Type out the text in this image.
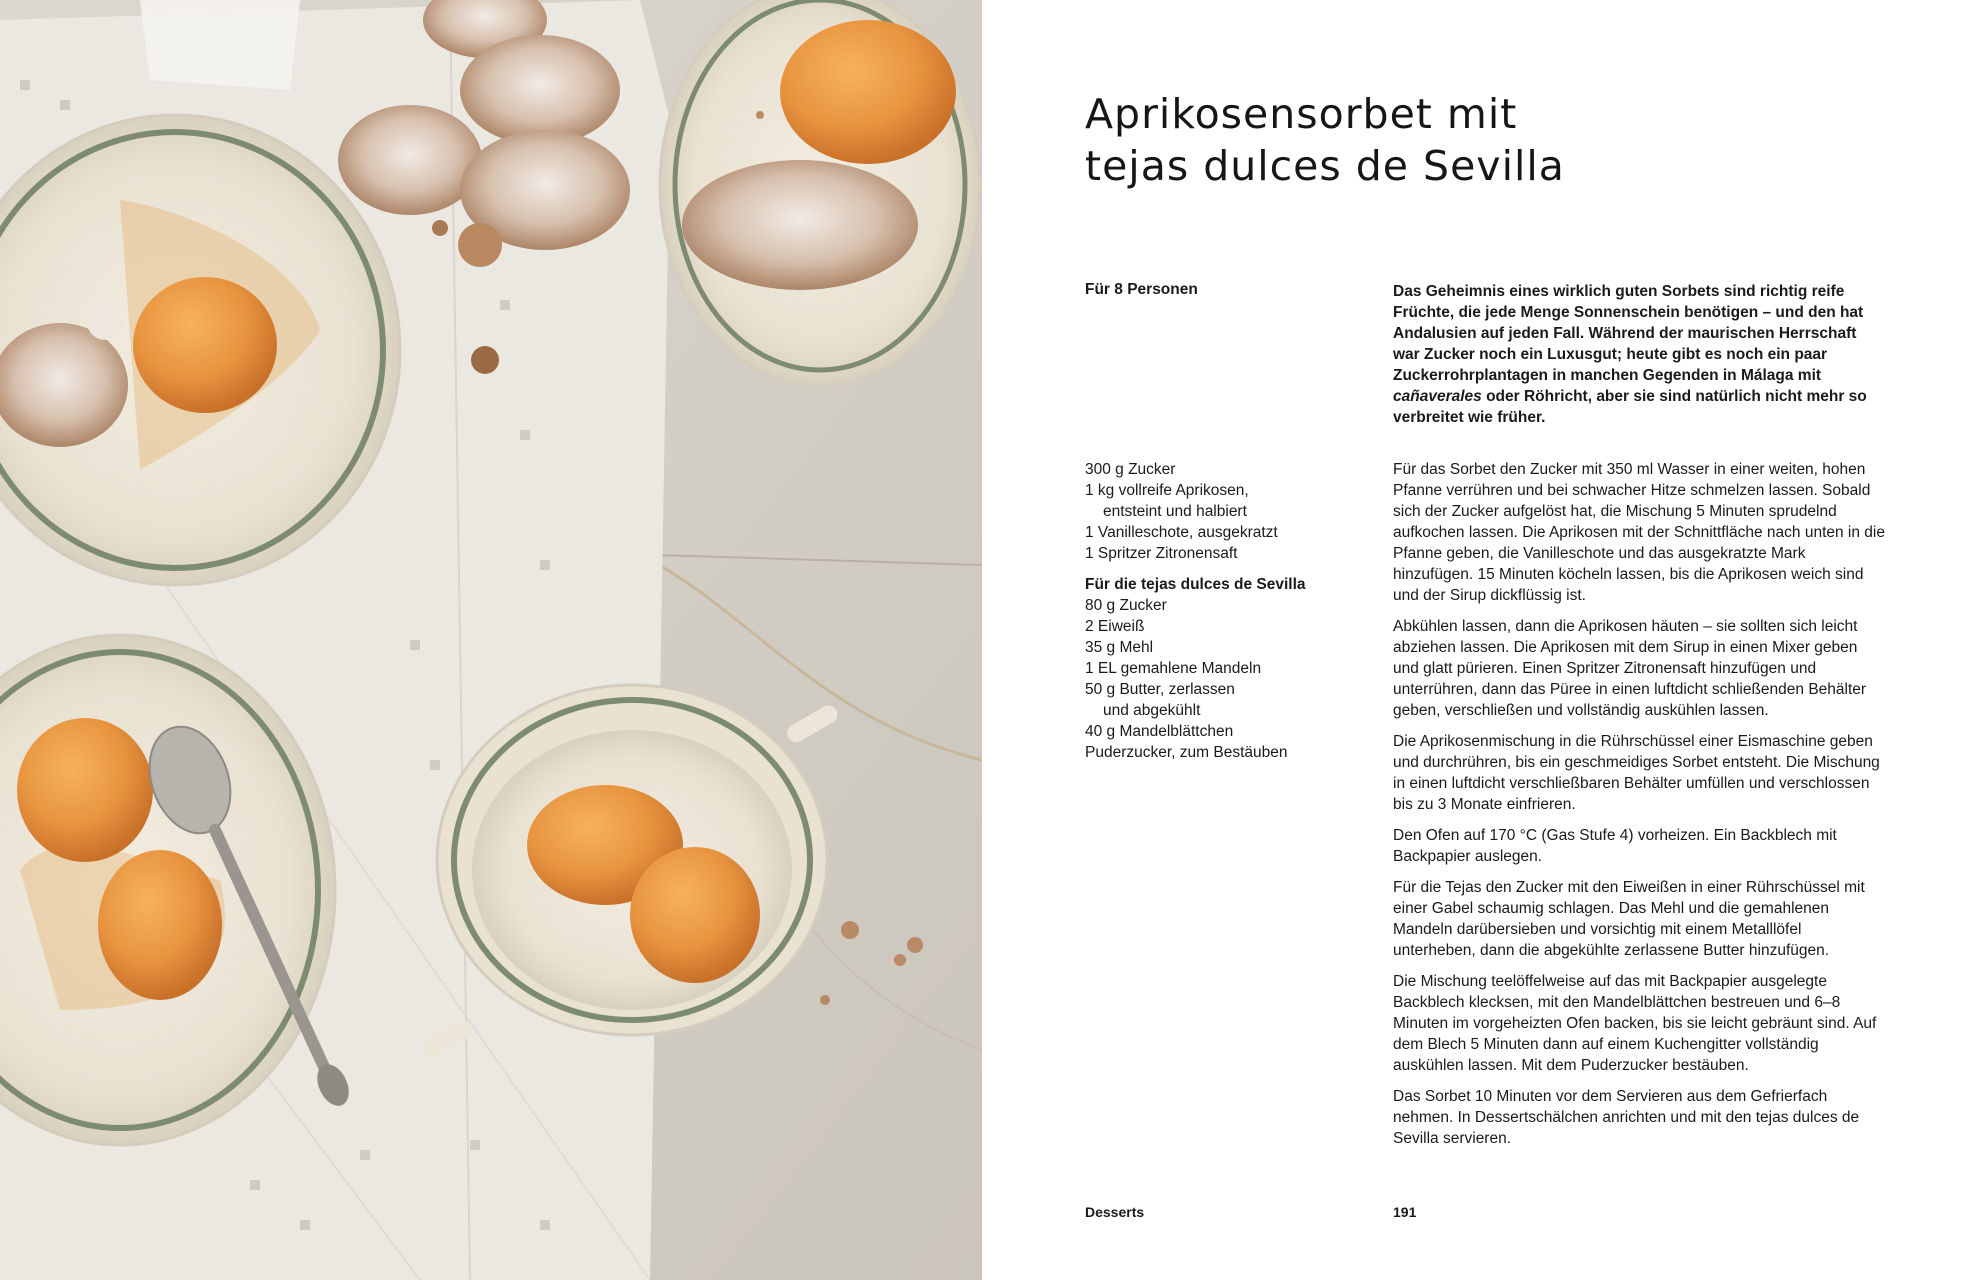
Aprikosensorbet mit
tejas dulces de Sevilla
Für 8 Personen	Das Geheimnis eines wirklich guten Sorbets sind richtig reife Früchte, die jede Menge Sonnenschein benötigen – und den hat Andalusien auf jeden Fall. Während der maurischen Herrschaft war Zucker noch ein Luxusgut; heute gibt es noch ein paar Zuckerrohrplantagen in manchen Gegenden in Málaga mit cañaverales oder Röhricht, aber sie sind natürlich nicht mehr so verbreitet wie früher.

300 g Zucker
1 kg vollreife Aprikosen,
entsteint und halbiert
1 Vanilleschote, ausgekratzt
1 Spritzer Zitronensaft
Für die tejas dulces de Sevilla
80 g Zucker
2 Eiweiß
35 g Mehl
1 EL gemahlene Mandeln
50 g Butter, zerlassen
und abgekühlt
40 g Mandelblättchen
Puderzucker, zum Bestäuben

Für das Sorbet den Zucker mit 350 ml Wasser in einer weiten, hohen Pfanne verrühren und bei schwacher Hitze schmelzen lassen. Sobald sich der Zucker aufgelöst hat, die Mischung 5 Minuten sprudelnd aufkochen lassen. Die Aprikosen mit der Schnittfläche nach unten in die Pfanne geben, die Vanilleschote und das ausgekratzte Mark hinzufügen. 15 Minuten köcheln lassen, bis die Aprikosen weich sind und der Sirup dickflüssig ist.

Abkühlen lassen, dann die Aprikosen häuten – sie sollten sich leicht abziehen lassen. Die Aprikosen mit dem Sirup in einen Mixer geben und glatt pürieren. Einen Spritzer Zitronensaft hinzufügen und unterrühren, dann das Püree in einen luftdicht schließenden Behälter geben, verschließen und vollständig auskühlen lassen.

Die Aprikosenmischung in die Rührschüssel einer Eismaschine geben und durchrühren, bis ein geschmeidiges Sorbet entsteht. Die Mischung in einen luftdicht verschließbaren Behälter umfüllen und verschlossen bis zu 3 Monate einfrieren.

Den Ofen auf 170 °C (Gas Stufe 4) vorheizen. Ein Backblech mit Backpapier auslegen.

Für die Tejas den Zucker mit den Eiweißen in einer Rührschüssel mit einer Gabel schaumig schlagen. Das Mehl und die gemahlenen Mandeln darübersieben und vorsichtig mit einem Metalllöfel unterheben, dann die abgekühlte zerlassene Butter hinzufügen.

Die Mischung teelöffelweise auf das mit Backpapier ausgelegte Backblech klecksen, mit den Mandelblättchen bestreuen und 6–8 Minuten im vorgeheizten Ofen backen, bis sie leicht gebräunt sind. Auf dem Blech 5 Minuten dann auf einem Kuchengitter vollständig auskühlen lassen. Mit dem Puderzucker bestäuben.

Das Sorbet 10 Minuten vor dem Servieren aus dem Gefrierfach nehmen. In Dessertschälchen anrichten und mit den tejas dulces de Sevilla servieren.

Desserts	191
